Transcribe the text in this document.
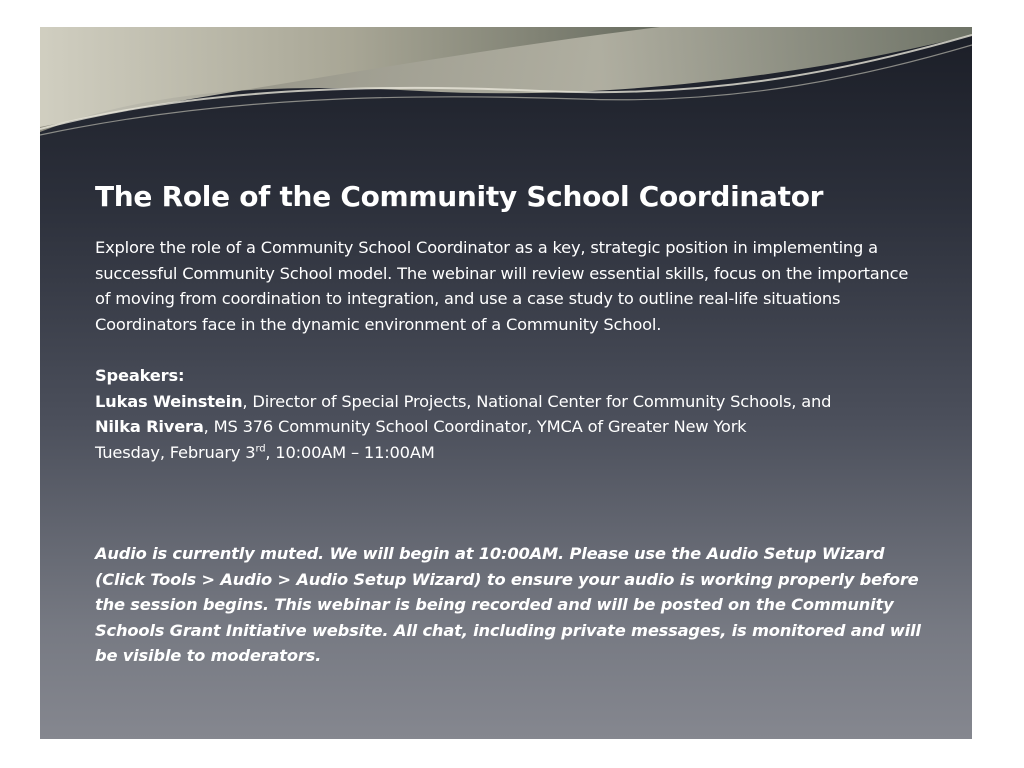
The Role of the Community School Coordinator

Explore the role of a Community School Coordinator as a key, strategic position in implementing a successful Community School model. The webinar will review essential skills, focus on the importance of moving from coordination to integration, and use a case study to outline real-life situations Coordinators face in the dynamic environment of a Community School.

Speakers:
Lukas Weinstein, Director of Special Projects, National Center for Community Schools, and
Nilka Rivera, MS 376 Community School Coordinator, YMCA of Greater New York
Tuesday, February 3rd, 10:00AM – 11:00AM

Audio is currently muted. We will begin at 10:00AM. Please use the Audio Setup Wizard (Click Tools > Audio > Audio Setup Wizard) to ensure your audio is working properly before the session begins. This webinar is being recorded and will be posted on the Community Schools Grant Initiative website. All chat, including private messages, is monitored and will be visible to moderators.
